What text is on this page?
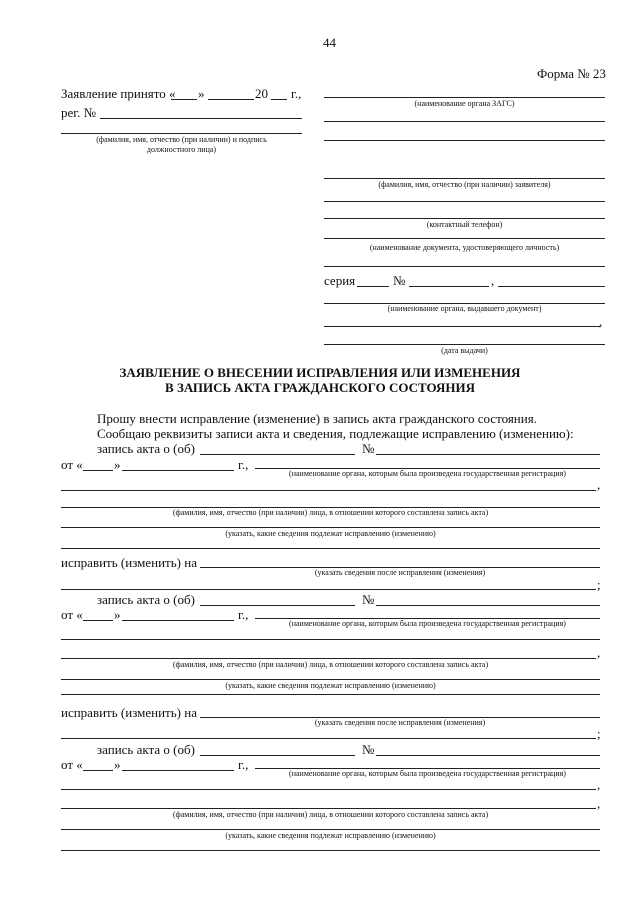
44
Форма № 23
Заявление принято « »	20 г.,
рег. №
(фамилия, имя, отчество (при наличии) и подпись
должностного лица)
(наименование органа ЗАГС)
(фамилия, имя, отчество (при наличии) заявителя)
(контактный телефон)
(наименование документа, удостоверяющего личность)
серия	№	,
(наименование органа, выдавшего документ)
,
(дата выдачи)
ЗАЯВЛЕНИЕ О ВНЕСЕНИИ ИСПРАВЛЕНИЯ ИЛИ ИЗМЕНЕНИЯ
В ЗАПИСЬ АКТА ГРАЖДАНСКОГО СОСТОЯНИЯ
Прошу внести исправление (изменение) в запись акта гражданского состояния.
Сообщаю реквизиты записи акта и сведения, подлежащие исправлению (изменению):
запись акта о (об)	№
от « »	г.,
(наименование органа, которым была произведена государственная регистрация)
,
(фамилия, имя, отчество (при наличии) лица, в отношении которого составлена запись акта)
(указать, какие сведения подлежат исправлению (изменению)
исправить (изменить) на
(указать сведения после исправления (изменения)
;
запись акта о (об)	№
от « »	г.,
(наименование органа, которым была произведена государственная регистрация)
,
(фамилия, имя, отчество (при наличии) лица, в отношении которого составлена запись акта)
(указать, какие сведения подлежат исправлению (изменению)
исправить (изменить) на
(указать сведения после исправления (изменения)
;
запись акта о (об)	№
от « »	г.,
(наименование органа, которым была произведена государственная регистрация)
,
,
(фамилия, имя, отчество (при наличии) лица, в отношении которого составлена запись акта)
(указать, какие сведения подлежат исправлению (изменению)
